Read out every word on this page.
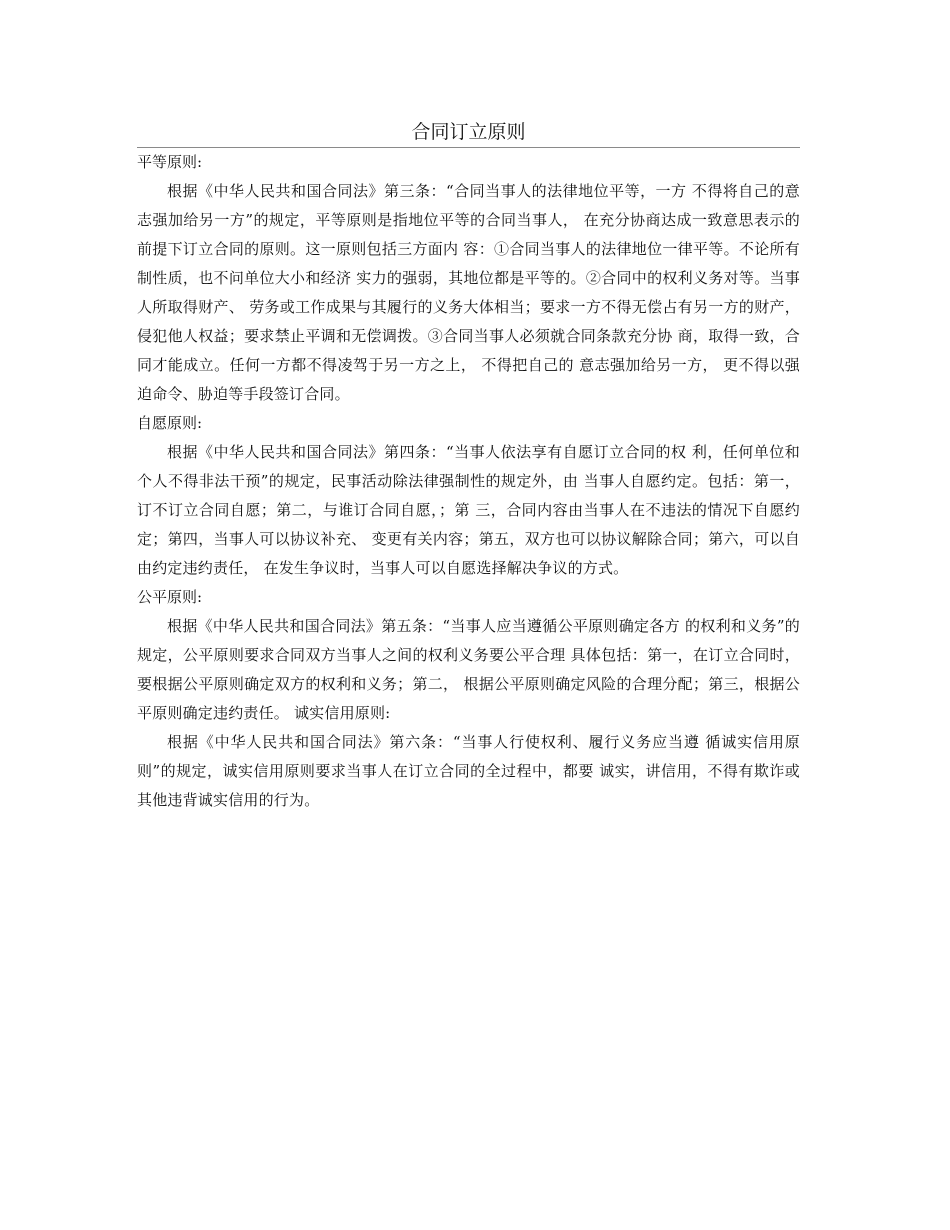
合同订立原则

平等原则:

根据《中华人民共和国合同法》第三条：“合同当事人的法律地位平等，一方 不得将自己的意志强加给另一方”的规定，平等原则是指地位平等的合同当事人， 在充分协商达成一致意思表示的前提下订立合同的原则。这一原则包括三方面内 容：①合同当事人的法律地位一律平等。不论所有制性质，也不问单位大小和经济 实力的强弱，其地位都是平等的。②合同中的权利义务对等。当事人所取得财产、 劳务或工作成果与其履行的义务大体相当；要求一方不得无偿占有另一方的财产， 侵犯他人权益；要求禁止平调和无偿调拨。③合同当事人必须就合同条款充分协 商，取得一致，合同才能成立。任何一方都不得凌驾于另一方之上， 不得把自己的 意志强加给另一方， 更不得以强迫命令、胁迫等手段签订合同。

自愿原则:

根据《中华人民共和国合同法》第四条：“当事人依法享有自愿订立合同的权 利，任何单位和个人不得非法干预”的规定，民事活动除法律强制性的规定外，由 当事人自愿约定。包括：第一，订不订立合同自愿；第二，与谁订合同自愿，；第 三，合同内容由当事人在不违法的情况下自愿约定；第四，当事人可以协议补充、 变更有关内容；第五，双方也可以协议解除合同；第六，可以自由约定违约责任， 在发生争议时，当事人可以自愿选择解决争议的方式。

公平原则:

根据《中华人民共和国合同法》第五条：“当事人应当遵循公平原则确定各方 的权利和义务”的规定，公平原则要求合同双方当事人之间的权利义务要公平合理 具体包括：第一，在订立合同时，要根据公平原则确定双方的权利和义务；第二， 根据公平原则确定风险的合理分配；第三，根据公平原则确定违约责任。 诚实信用原则:

根据《中华人民共和国合同法》第六条：“当事人行使权利、履行义务应当遵 循诚实信用原则”的规定，诚实信用原则要求当事人在订立合同的全过程中，都要 诚实，讲信用，不得有欺诈或其他违背诚实信用的行为。
